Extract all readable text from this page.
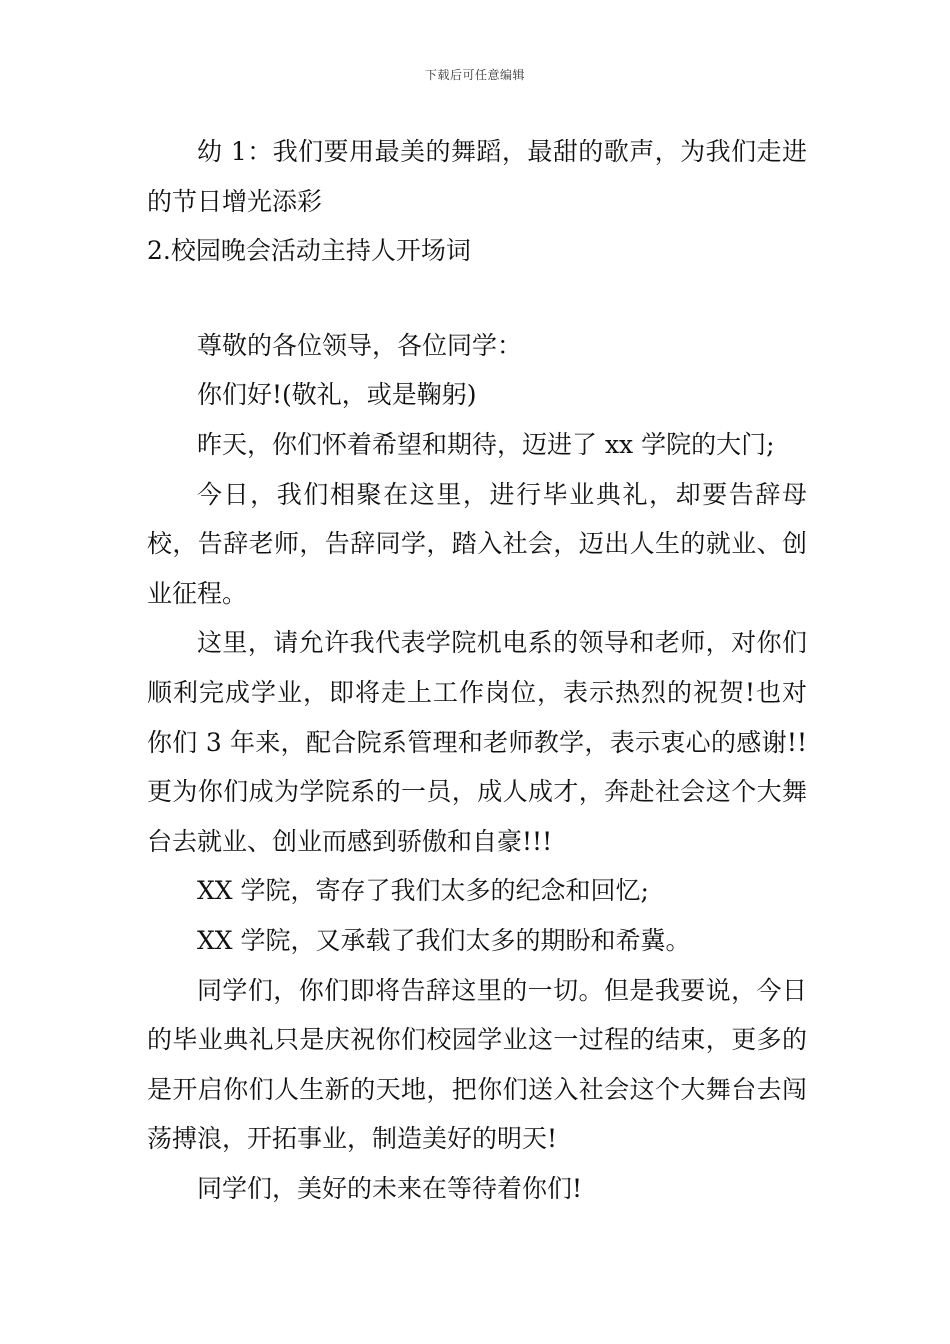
下载后可任意编辑

幼 1：我们要用最美的舞蹈，最甜的歌声，为我们走进的节日增光添彩

2.校园晚会活动主持人开场词

尊敬的各位领导，各位同学：

你们好!(敬礼，或是鞠躬)

昨天，你们怀着希望和期待，迈进了 xx 学院的大门;

今日，我们相聚在这里，进行毕业典礼，却要告辞母校，告辞老师，告辞同学，踏入社会，迈出人生的就业、创业征程。

这里，请允许我代表学院机电系的领导和老师，对你们顺利完成学业，即将走上工作岗位，表示热烈的祝贺!也对你们 3 年来，配合院系管理和老师教学，表示衷心的感谢!!更为你们成为学院系的一员，成人成才，奔赴社会这个大舞台去就业、创业而感到骄傲和自豪!!!

XX 学院，寄存了我们太多的纪念和回忆;

XX 学院，又承载了我们太多的期盼和希冀。

同学们，你们即将告辞这里的一切。但是我要说，今日的毕业典礼只是庆祝你们校园学业这一过程的结束，更多的是开启你们人生新的天地，把你们送入社会这个大舞台去闯荡搏浪，开拓事业，制造美好的明天!

同学们，美好的未来在等待着你们!
